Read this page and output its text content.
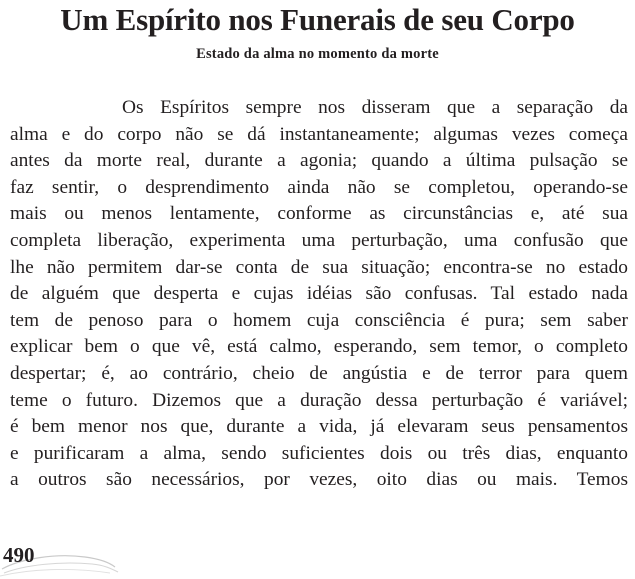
Um Espírito nos Funerais de seu Corpo
Estado da alma no momento da morte
Os Espíritos sempre nos disseram que a separação da
alma e do corpo não se dá instantaneamente; algumas vezes começa
antes da morte real, durante a agonia; quando a última pulsação se
faz sentir, o desprendimento ainda não se completou, operando-se
mais ou menos lentamente, conforme as circunstâncias e, até sua
completa liberação, experimenta uma perturbação, uma confusão que
lhe não permitem dar-se conta de sua situação; encontra-se no estado
de alguém que desperta e cujas idéias são confusas. Tal estado nada
tem de penoso para o homem cuja consciência é pura; sem saber
explicar bem o que vê, está calmo, esperando, sem temor, o completo
despertar; é, ao contrário, cheio de angústia e de terror para quem
teme o futuro. Dizemos que a duração dessa perturbação é variável;
é bem menor nos que, durante a vida, já elevaram seus pensamentos
e purificaram a alma, sendo suficientes dois ou três dias, enquanto
a outros são necessários, por vezes, oito dias ou mais. Temos
490
